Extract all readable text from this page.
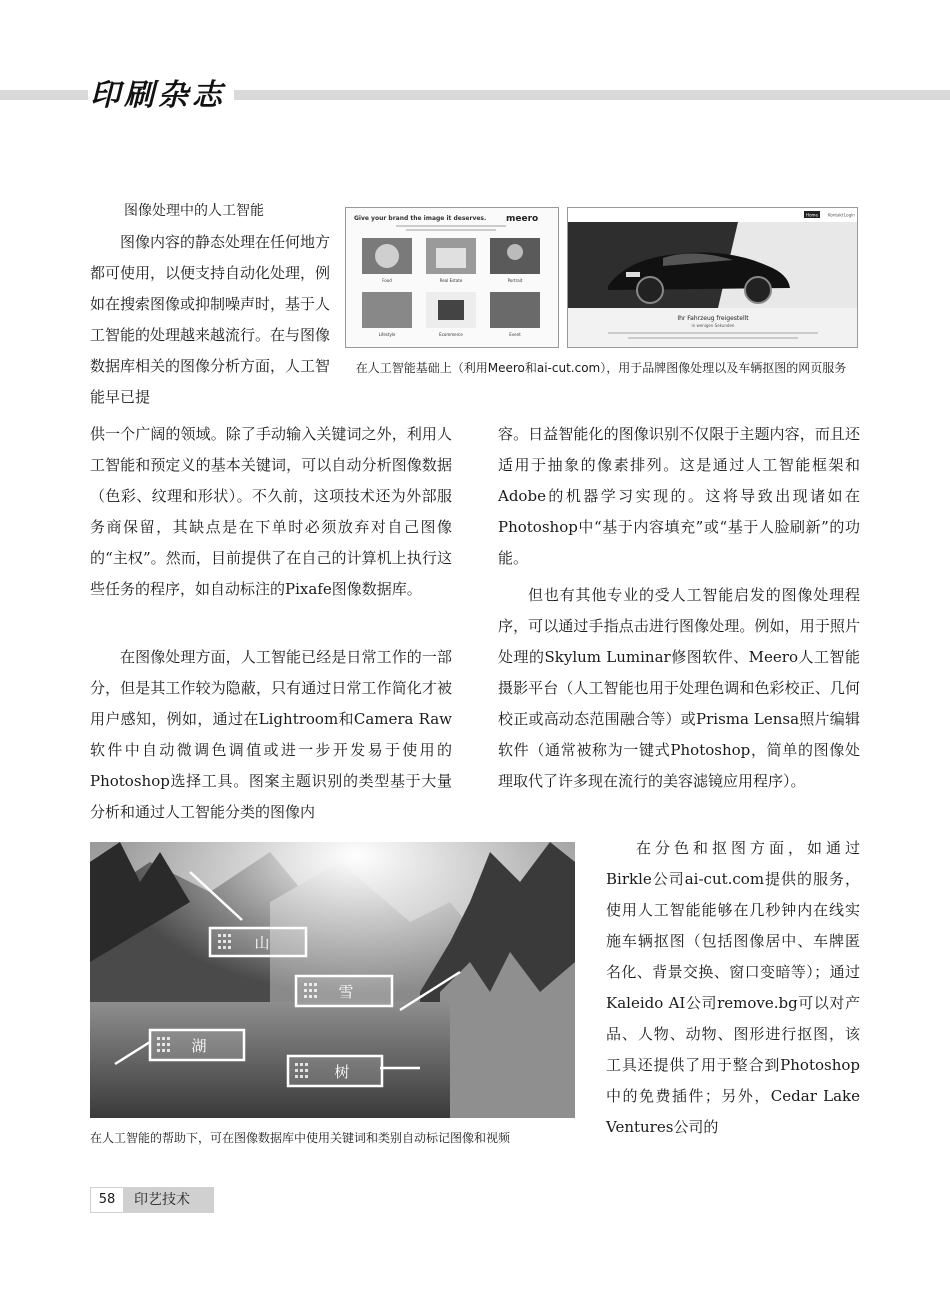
印刷杂志
图像处理中的人工智能

图像内容的静态处理在任何地方都可使用，以便支持自动化处理，例如在搜索图像或抑制噪声时，基于人工智能的处理越来越流行。在与图像数据库相关的图像分析方面，人工智能早已提

供一个广阔的领域。除了手动输入关键词之外，利用人工智能和预定义的基本关键词，可以自动分析图像数据（色彩、纹理和形状）。不久前，这项技术还为外部服务商保留，其缺点是在下单时必须放弃对自己图像的“主权”。然而，目前提供了在自己的计算机上执行这些任务的程序，如自动标注的Pixafe图像数据库。

在图像处理方面，人工智能已经是日常工作的一部分，但是其工作较为隐蔽，只有通过日常工作简化才被用户感知，例如，通过在Lightroom和Camera Raw软件中自动微调色调值或进一步开发易于使用的Photoshop选择工具。图案主题识别的类型基于大量分析和通过人工智能分类的图像内

容。日益智能化的图像识别不仅限于主题内容，而且还适用于抽象的像素排列。这是通过人工智能框架和Adobe的机器学习实现的。这将导致出现诸如在Photoshop中“基于内容填充”或“基于人脸刷新”的功能。

但也有其他专业的受人工智能启发的图像处理程序，可以通过手指点击进行图像处理。例如，用于照片处理的Skylum Luminar修图软件、Meero人工智能摄影平台（人工智能也用于处理色调和色彩校正、几何校正或高动态范围融合等）或Prisma Lensa照片编辑软件（通常被称为一键式Photoshop，简单的图像处理取代了许多现在流行的美容滤镜应用程序）。

在分色和抠图方面，如通过Birkle公司ai-cut.com提供的服务，使用人工智能能够在几秒钟内在线实施车辆抠图（包括图像居中、车牌匿名化、背景交换、窗口变暗等）；通过Kaleido AI公司remove.bg可以对产品、人物、动物、图形进行抠图，该工具还提供了用于整合到Photoshop中的免费插件；另外，Cedar Lake Ventures公司的

Give your brand the image it deserves. meero
Food	Real Estate	Portrait
Lifestyle	Ecommerce	Event
Home	Kontakt Login
Ihr Fahrzeug freigestellt
in wenigen Sekunden
在人工智能基础上（利用Meero和ai-cut.com），用于品牌图像处理以及车辆抠图的网页服务
山
雪
湖
树
在人工智能的帮助下，可在图像数据库中使用关键词和类别自动标记图像和视频
58	印艺技术
